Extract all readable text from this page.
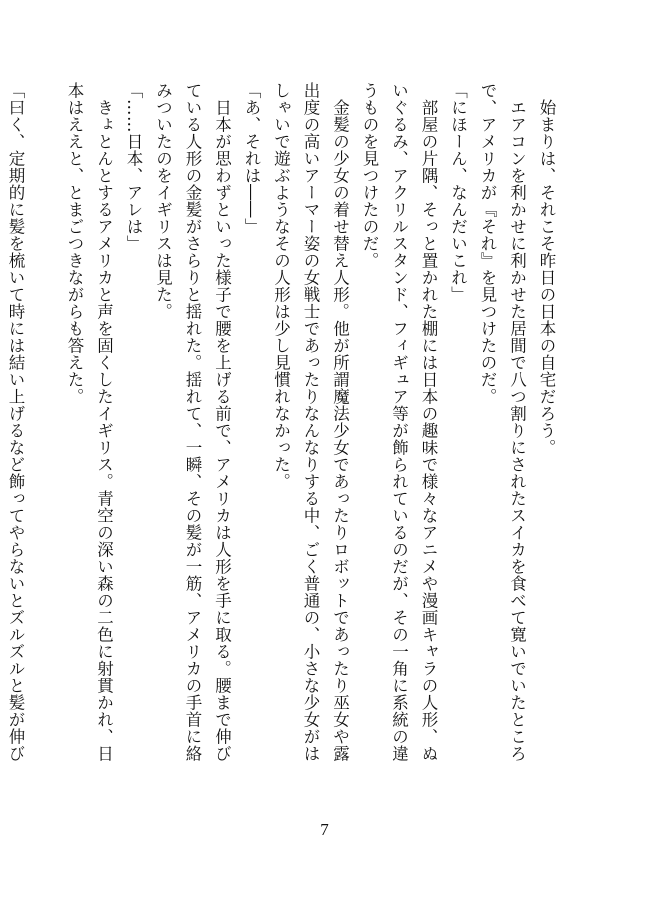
　始まりは、それこそ昨日の日本の自宅だろう。
　エアコンを利かせに利かせた居間で八つ割りにされたスイカを食べて寛いでいたところ
で、アメリカが『それ』を見つけたのだ。
「にほーん、なんだいこれ」
　部屋の片隅、そっと置かれた棚には日本の趣味で様々なアニメや漫画キャラの人形、ぬ
いぐるみ、アクリルスタンド、フィギュア等が飾られているのだが、その一角に系統の違
うものを見つけたのだ。
　金髪の少女の着せ替え人形。他が所謂魔法少女であったりロボットであったり巫女や露
出度の高いアーマー姿の女戦士であったりなんなりする中、ごく普通の、小さな少女がは
しゃいで遊ぶようなその人形は少し見慣れなかった。
「あ、それは――」
　日本が思わずといった様子で腰を上げる前で、アメリカは人形を手に取る。腰まで伸び
ている人形の金髪がさらりと揺れた。揺れて、一瞬、その髪が一筋、アメリカの手首に絡
みついたのをイギリスは見た。
「……日本、アレは」
　きょとんとするアメリカと声を固くしたイギリス。青空の深い森の二色に射貫かれ、日
本はええと、とまごつきながらも答えた。
「曰く、定期的に髪を梳いて時には結い上げるなど飾ってやらないとズルズルと髪が伸び
7
